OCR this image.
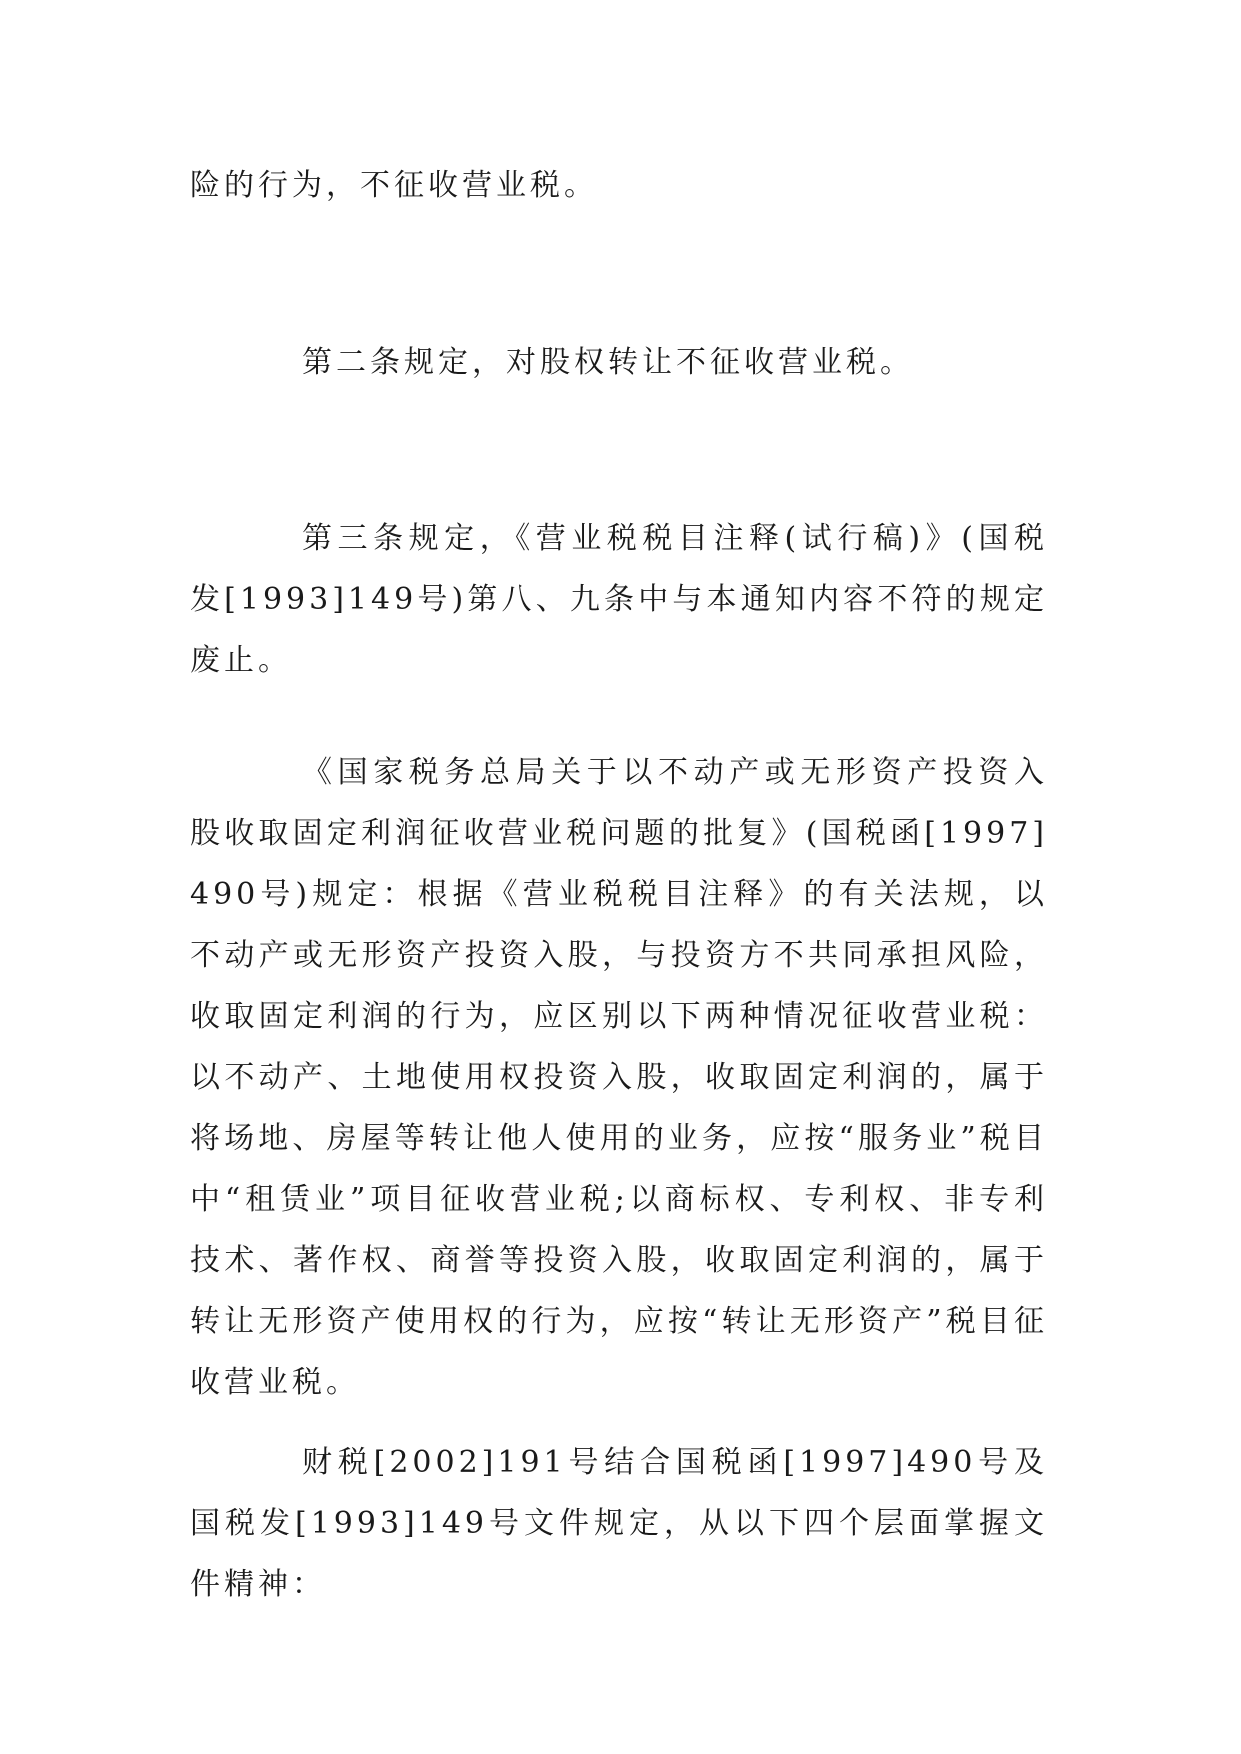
险的行为，不征收营业税。

第二条规定，对股权转让不征收营业税。

第三条规定，《营业税税目注释(试行稿)》(国税发[1993]149号)第八、九条中与本通知内容不符的规定废止。

《国家税务总局关于以不动产或无形资产投资入股收取固定利润征收营业税问题的批复》(国税函[1997]490号)规定：根据《营业税税目注释》的有关法规，以不动产或无形资产投资入股，与投资方不共同承担风险，收取固定利润的行为，应区别以下两种情况征收营业税：以不动产、土地使用权投资入股，收取固定利润的，属于将场地、房屋等转让他人使用的业务，应按“服务业”税目中“租赁业”项目征收营业税;以商标权、专利权、非专利技术、著作权、商誉等投资入股，收取固定利润的，属于转让无形资产使用权的行为，应按“转让无形资产”税目征收营业税。

财税[2002]191号结合国税函[1997]490号及国税发[1993]149号文件规定，从以下四个层面掌握文件精神：
